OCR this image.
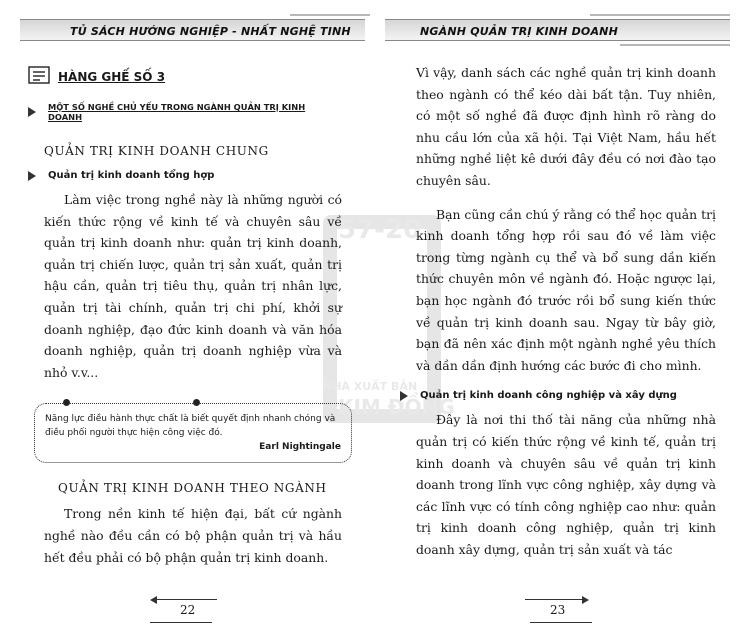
TỦ SÁCH HƯỚNG NGHIỆP - NHẤT NGHỆ TINH	NGÀNH QUẢN TRỊ KINH DOANH
57-20
NHÀ XUẤT BẢN
KIM ĐỒNG
HÀNG GHẾ SỐ 3
MỘT SỐ NGHỀ CHỦ YẾU TRONG NGÀNH QUẢN TRỊ KINH DOANH

QUẢN TRỊ KINH DOANH CHUNG

Quản trị kinh doanh tổng hợp

Làm việc trong nghề này là những người có kiến thức rộng về kinh tế và chuyên sâu về quản trị kinh doanh như: quản trị kinh doanh, quản trị chiến lược, quản trị sản xuất, quản trị hậu cần, quản trị tiêu thụ, quản trị nhân lực, quản trị tài chính, quản trị chi phí, khởi sự doanh nghiệp, đạo đức kinh doanh và văn hóa doanh nghiệp, quản trị doanh nghiệp vừa và nhỏ v.v...

Năng lực điều hành thực chất là biết quyết định nhanh chóng và điều phối người thực hiện công việc đó.
Earl Nightingale

QUẢN TRỊ KINH DOANH THEO NGÀNH

Trong nền kinh tế hiện đại, bất cứ ngành nghề nào đều cần có bộ phận quản trị và hầu hết đều phải có bộ phận quản trị kinh doanh.

22

Vì vậy, danh sách các nghề quản trị kinh doanh theo ngành có thể kéo dài bất tận. Tuy nhiên, có một số nghề đã được định hình rõ ràng do nhu cầu lớn của xã hội. Tại Việt Nam, hầu hết những nghề liệt kê dưới đây đều có nơi đào tạo chuyên sâu.

Bạn cũng cần chú ý rằng có thể học quản trị kinh doanh tổng hợp rồi sau đó về làm việc trong từng ngành cụ thể và bổ sung dần kiến thức chuyên môn về ngành đó. Hoặc ngược lại, bạn học ngành đó trước rồi bổ sung kiến thức về quản trị kinh doanh sau. Ngay từ bây giờ, bạn đã nên xác định một ngành nghề yêu thích và dần dần định hướng các bước đi cho mình.

Quản trị kinh doanh công nghiệp và xây dựng

Đây là nơi thi thố tài năng của những nhà quản trị có kiến thức rộng về kinh tế, quản trị kinh doanh và chuyên sâu về quản trị kinh doanh trong lĩnh vực công nghiệp, xây dựng và các lĩnh vực có tính công nghiệp cao như: quản trị kinh doanh công nghiệp, quản trị kinh doanh xây dựng, quản trị sản xuất và tác

23
